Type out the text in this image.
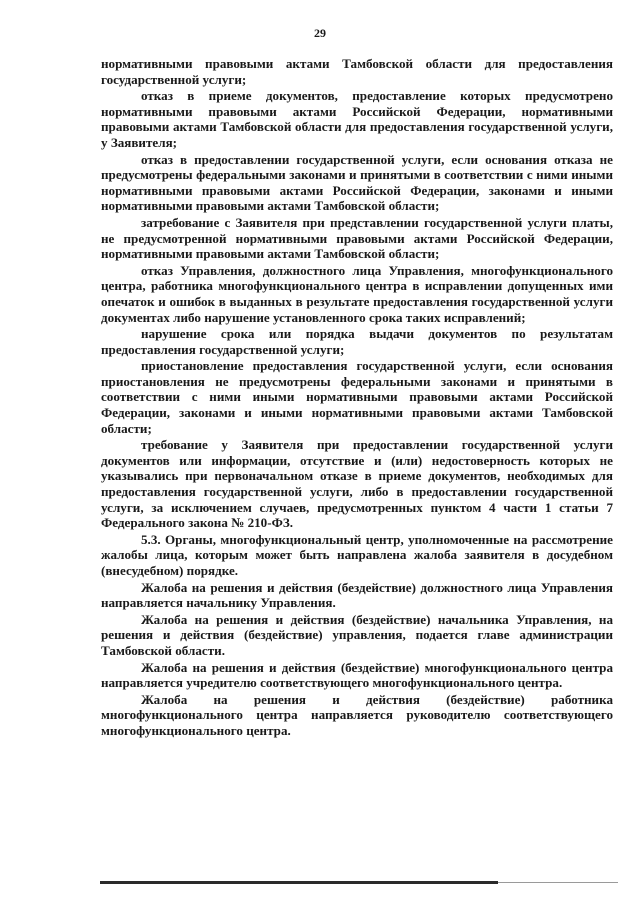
29

нормативными правовыми актами Тамбовской области для предоставления государственной услуги;

отказ в приеме документов, предоставление которых предусмотрено нормативными правовыми актами Российской Федерации, нормативными правовыми актами Тамбовской области для предоставления государственной услуги, у Заявителя;

отказ в предоставлении государственной услуги, если основания отказа не предусмотрены федеральными законами и принятыми в соответствии с ними иными нормативными правовыми актами Российской Федерации, законами и иными нормативными правовыми актами Тамбовской области;

затребование с Заявителя при представлении государственной услуги платы, не предусмотренной нормативными правовыми актами Российской Федерации, нормативными правовыми актами Тамбовской области;

отказ Управления, должностного лица Управления, многофункционального центра, работника многофункционального центра в исправлении допущенных ими опечаток и ошибок в выданных в результате предоставления государственной услуги документах либо нарушение установленного срока таких исправлений;

нарушение срока или порядка выдачи документов по результатам предоставления государственной услуги;

приостановление предоставления государственной услуги, если основания приостановления не предусмотрены федеральными законами и принятыми в соответствии с ними иными нормативными правовыми актами Российской Федерации, законами и иными нормативными правовыми актами Тамбовской области;

требование у Заявителя при предоставлении государственной услуги документов или информации, отсутствие и (или) недостоверность которых не указывались при первоначальном отказе в приеме документов, необходимых для предоставления государственной услуги, либо в предоставлении государственной услуги, за исключением случаев, предусмотренных пунктом 4 части 1 статьи 7 Федерального закона № 210-ФЗ.

5.3. Органы, многофункциональный центр, уполномоченные на рассмотрение жалобы лица, которым может быть направлена жалоба заявителя в досудебном (внесудебном) порядке.

Жалоба на решения и действия (бездействие) должностного лица Управления направляется начальнику Управления.

Жалоба на решения и действия (бездействие) начальника Управления, на решения и действия (бездействие) управления, подается главе администрации Тамбовской области.

Жалоба на решения и действия (бездействие) многофункционального центра направляется учредителю соответствующего многофункционального центра.

Жалоба на решения и действия (бездействие) работника многофункционального центра направляется руководителю соответствующего многофункционального центра.
